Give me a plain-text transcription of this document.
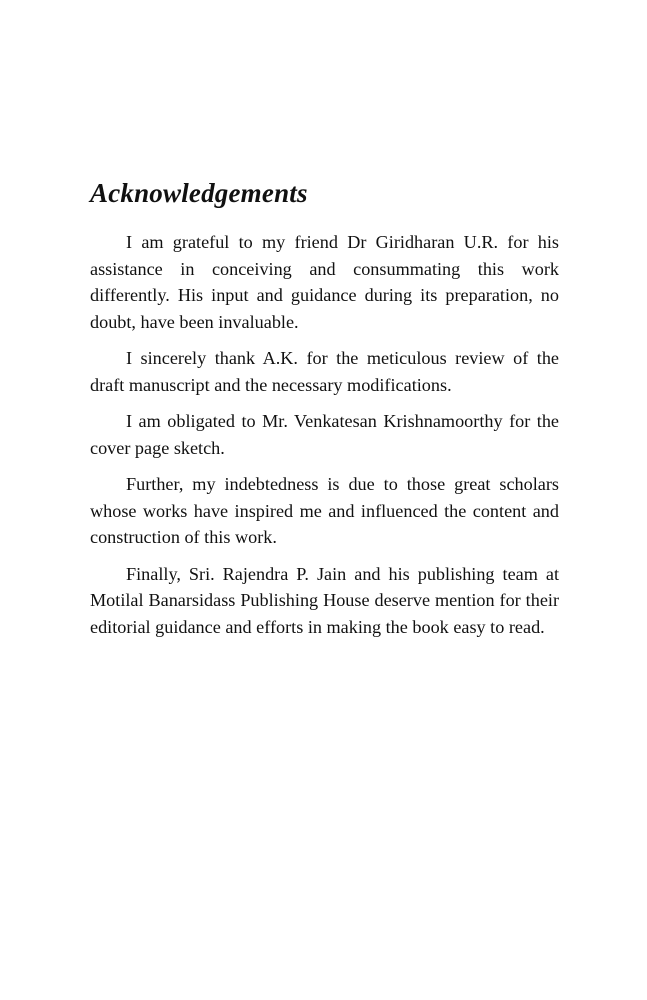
Acknowledgements

I am grateful to my friend Dr Giridharan U.R. for his assistance in conceiving and consummating this work differently. His input and guidance during its preparation, no doubt, have been invaluable.

I sincerely thank A.K. for the meticulous review of the draft manuscript and the necessary modifications.

I am obligated to Mr. Venkatesan Krishnamoorthy for the cover page sketch.

Further, my indebtedness is due to those great scholars whose works have inspired me and influenced the content and construction of this work.

Finally, Sri. Rajendra P. Jain and his publishing team at Motilal Banarsidass Publishing House deserve mention for their editorial guidance and efforts in making the book easy to read.
